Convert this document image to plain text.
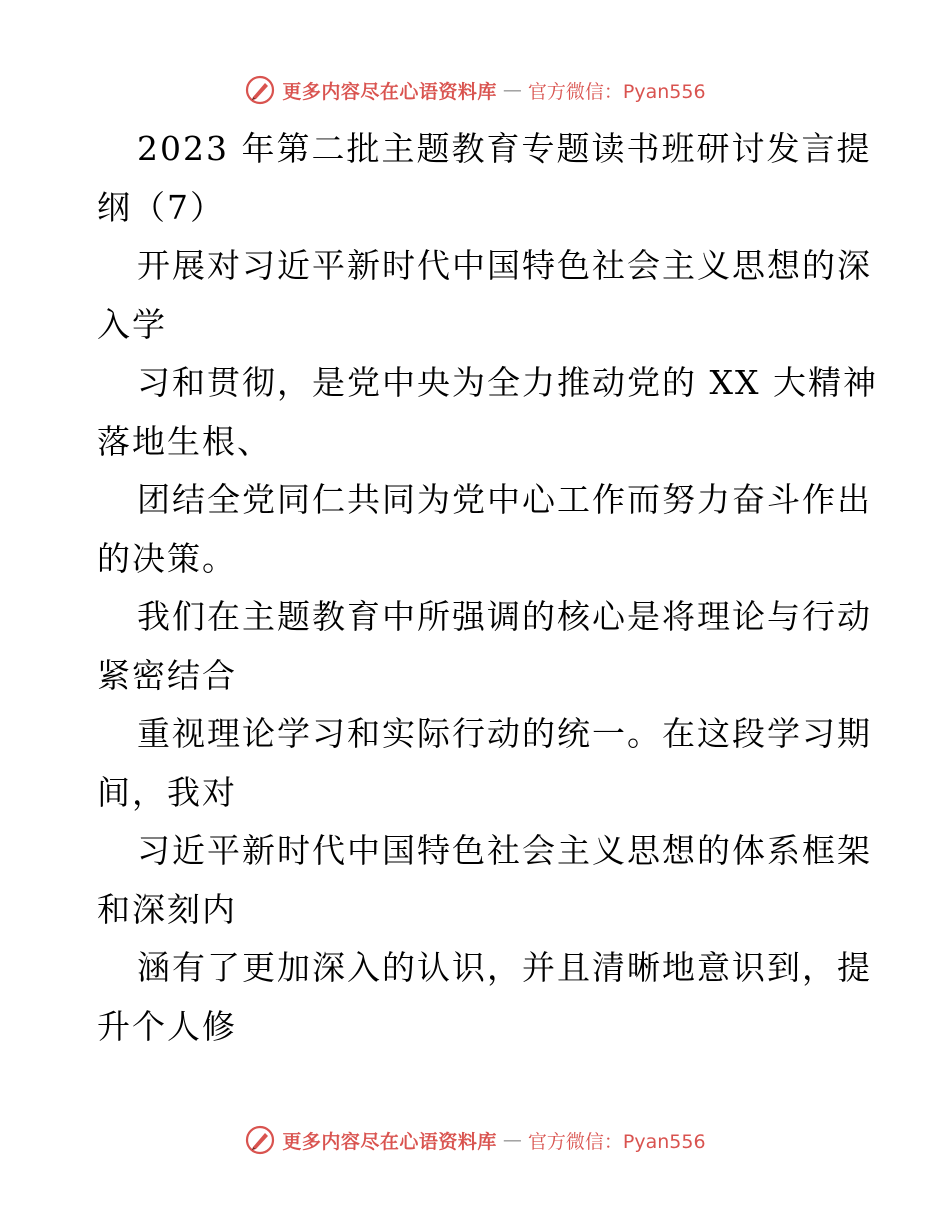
更多内容尽在心语资料库 — 官方微信：Pyan556
2023 年第二批主题教育专题读书班研讨发言提
纲（7）
开展对习近平新时代中国特色社会主义思想的深
入学
习和贯彻，是党中央为全力推动党的 XX 大精神
落地生根、
团结全党同仁共同为党中心工作而努力奋斗作出
的决策。
我们在主题教育中所强调的核心是将理论与行动
紧密结合
重视理论学习和实际行动的统一。在这段学习期
间，我对
习近平新时代中国特色社会主义思想的体系框架
和深刻内
涵有了更加深入的认识，并且清晰地意识到，提
升个人修
更多内容尽在心语资料库 — 官方微信：Pyan556
